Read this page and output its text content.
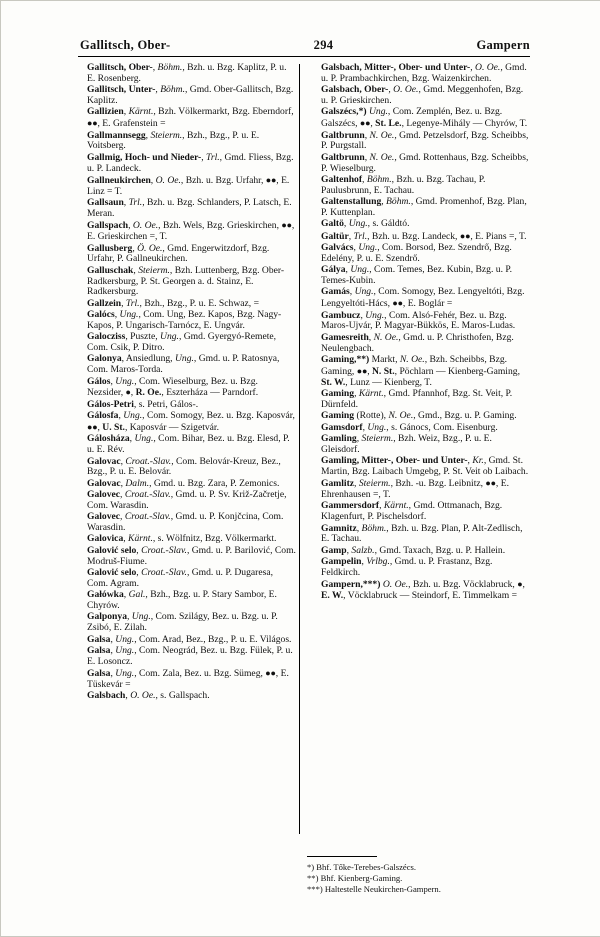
Gallitsch, Ober-	294	Gampern

Gallitsch, Ober-, Böhm., Bzh. u. Bzg. Kaplitz, P. u. E. Rosenberg.

Gallitsch, Unter-, Böhm., Gmd. Ober-Gallitsch, Bzg. Kaplitz.

Gallizien, Kärnt., Bzh. Völkermarkt, Bzg. Eberndorf, ●●, E. Grafenstein =

Gallmannsegg, Steierm., Bzh., Bzg., P. u. E. Voitsberg.

Gallmig, Hoch- und Nieder-, Trl., Gmd. Fliess, Bzg. u. P. Landeck.

Gallneukirchen, O. Oe., Bzh. u. Bzg. Urfahr, ●●, E. Linz = T.

Gallsaun, Trl., Bzh. u. Bzg. Schlanders, P. Latsch, E. Meran.

Gallspach, O. Oe., Bzh. Wels, Bzg. Grieskirchen, ●●, E. Grieskirchen =, T.

Gallusberg, Ö. Oe., Gmd. Engerwitzdorf, Bzg. Urfahr, P. Gallneukirchen.

Galluschak, Steierm., Bzh. Luttenberg, Bzg. Ober-Radkersburg, P. St. Georgen a. d. Stainz, E. Radkersburg.

Gallzein, Trl., Bzh., Bzg., P. u. E. Schwaz, =

Galócs, Ung., Com. Ung, Bez. Kapos, Bzg. Nagy-Kapos, P. Ungarisch-Tarnócz, E. Ungvár.

Galocziss, Puszte, Ung., Gmd. Gyergyó-Remete, Com. Csik, P. Ditro.

Galonya, Ansiedlung, Ung., Gmd. u. P. Ratosnya, Com. Maros-Torda.

Gálos, Ung., Com. Wieselburg, Bez. u. Bzg. Nezsider, ●, R. Oe., Eszterháza — Parndorf.

Gálos-Petri, s. Petri, Gálos-.

Gálosfa, Ung., Com. Somogy, Bez. u. Bzg. Kaposvár, ●●, U. St., Kaposvár — Szigetvár.

Gálosháza, Ung., Com. Bihar, Bez. u. Bzg. Elesd, P. u. E. Rév.

Galovac, Croat.-Slav., Com. Belovár-Kreuz, Bez., Bzg., P. u. E. Belovár.

Galovac, Dalm., Gmd. u. Bzg. Zara, P. Zemonics.

Galovec, Croat.-Slav., Gmd. u. P. Sv. Križ-Začretje, Com. Warasdin.

Galovec, Croat.-Slav., Gmd. u. P. Konjčcina, Com. Warasdin.

Galovica, Kärnt., s. Wölfnitz, Bzg. Völkermarkt.

Galović selo, Croat.-Slav., Gmd. u. P. Barilović, Com. Modruš-Fiume.

Galović selo, Croat.-Slav., Gmd. u. P. Dugaresa, Com. Agram.

Gałówka, Gal., Bzh., Bzg. u. P. Stary Sambor, E. Chyrów.

Galponya, Ung., Com. Szilágy, Bez. u. Bzg. u. P. Zsibó, E. Zilah.

Galsa, Ung., Com. Arad, Bez., Bzg., P. u. E. Világos.

Galsa, Ung., Com. Neográd, Bez. u. Bzg. Fülek, P. u. E. Losoncz.

Galsa, Ung., Com. Zala, Bez. u. Bzg. Sümeg, ●●, E. Tüskevár =

Galsbach, O. Oe., s. Gallspach.

Galsbach, Mitter-, Ober- und Unter-, O. Oe., Gmd. u. P. Prambachkirchen, Bzg. Waizenkirchen.

Galsbach, Ober-, O. Oe., Gmd. Meggenhofen, Bzg. u. P. Grieskirchen.

Galszécs,*) Ung., Com. Zemplén, Bez. u. Bzg. Galszécs, ●●, St. Le., Legenye-Mihály — Chyrów, T.

Galtbrunn, N. Oe., Gmd. Petzelsdorf, Bzg. Scheibbs, P. Purgstall.

Galtbrunn, N. Oe., Gmd. Rottenhaus, Bzg. Scheibbs, P. Wieselburg.

Galtenhof, Böhm., Bzh. u. Bzg. Tachau, P. Paulusbrunn, E. Tachau.

Galtenstallung, Böhm., Gmd. Promenhof, Bzg. Plan, P. Kuttenplan.

Galtö, Ung., s. Gáldtó.

Galtür, Trl., Bzh. u. Bzg. Landeck, ●●, E. Pians =, T.

Galvács, Ung., Com. Borsod, Bez. Szendrő, Bzg. Edelény, P. u. E. Szendrő.

Gálya, Ung., Com. Temes, Bez. Kubin, Bzg. u. P. Temes-Kubin.

Gamás, Ung., Com. Somogy, Bez. Lengyeltóti, Bzg. Lengyeltóti-Hács, ●●, E. Boglár =

Gambucz, Ung., Com. Alsó-Fehér, Bez. u. Bzg. Maros-Ujvár, P. Magyar-Bükkös, E. Maros-Ludas.

Gamesreith, N. Oe., Gmd. u. P. Christhofen, Bzg. Neulengbach.

Gaming,**) Markt, N. Oe., Bzh. Scheibbs, Bzg. Gaming, ●●, N. St., Pöchlarn — Kienberg-Gaming, St. W., Lunz — Kienberg, T.

Gaming, Kärnt., Gmd. Pfannhof, Bzg. St. Veit, P. Dürnfeld.

Gaming (Rotte), N. Oe., Gmd., Bzg. u. P. Gaming.

Gamsdorf, Ung., s. Gánocs, Com. Eisenburg.

Gamling, Steierm., Bzh. Weiz, Bzg., P. u. E. Gleisdorf.

Gamling, Mitter-, Ober- und Unter-, Kr., Gmd. St. Martin, Bzg. Laibach Umgebg, P. St. Veit ob Laibach.

Gamlitz, Steierm., Bzh. -u. Bzg. Leibnitz, ●●, E. Ehrenhausen =, T.

Gammersdorf, Kärnt., Gmd. Ottmanach, Bzg. Klagenfurt, P. Pischelsdorf.

Gamnitz, Böhm., Bzh. u. Bzg. Plan, P. Alt-Zedlisch, E. Tachau.

Gamp, Salzb., Gmd. Taxach, Bzg. u. P. Hallein.

Gampelin, Vrlbg., Gmd. u. P. Frastanz, Bzg. Feldkirch.

Gampern,***) O. Oe., Bzh. u. Bzg. Vöcklabruck, ●, E. W., Vöcklabruck — Steindorf, E. Timmelkam =

*) Bhf. Tőke-Terebes-Galszécs.

**) Bhf. Kienberg-Gaming.

***) Haltestelle Neukirchen-Gampern.
